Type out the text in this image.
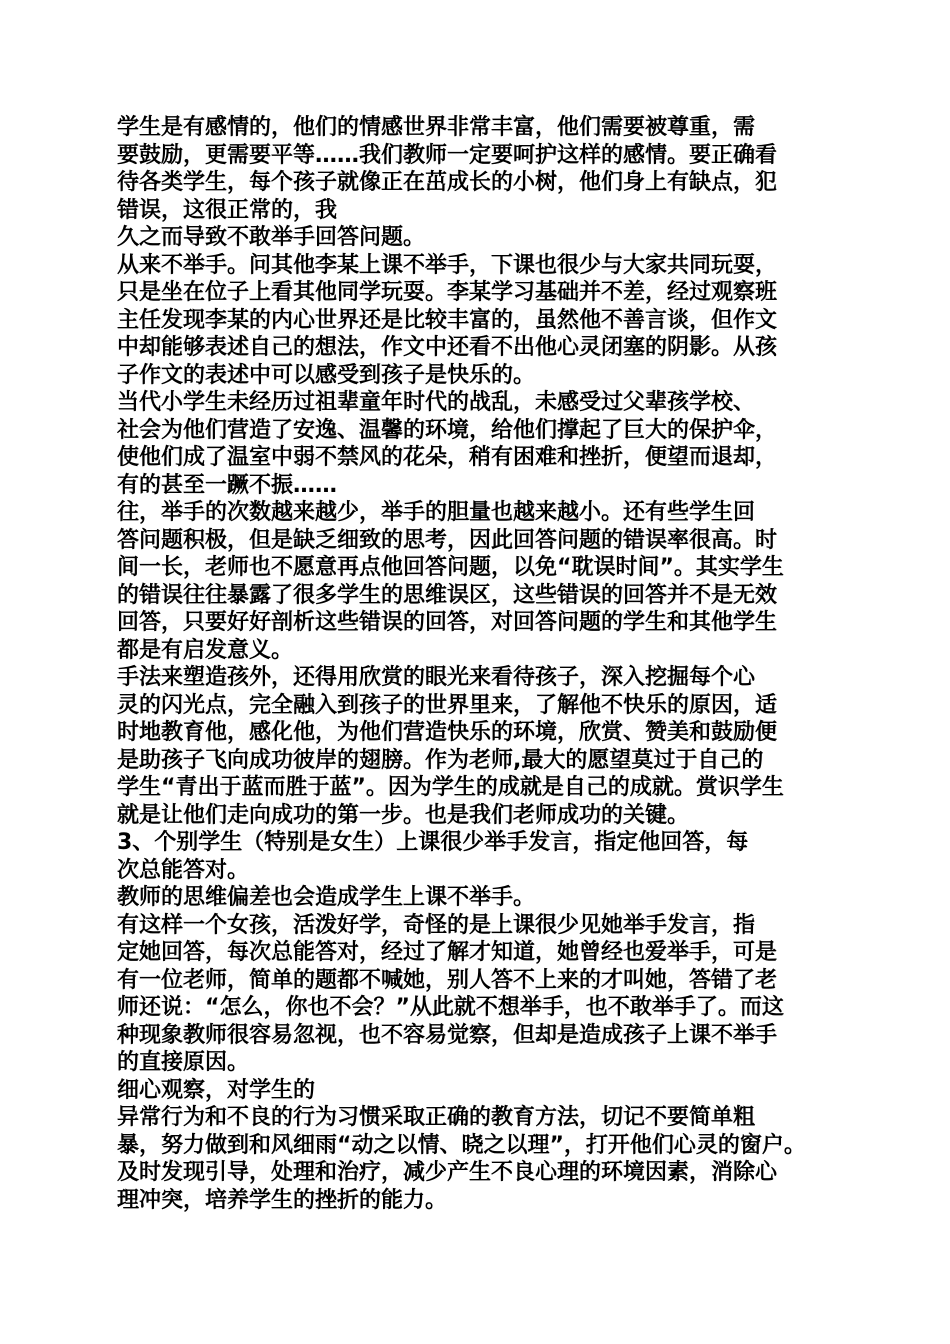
学生是有感情的，他们的情感世界非常丰富，他们需要被尊重，需
要鼓励，更需要平等……我们教师一定要呵护这样的感情。要正确看
待各类学生，每个孩子就像正在茁成长的小树，他们身上有缺点，犯
错误，这很正常的，我
久之而导致不敢举手回答问题。
从来不举手。问其他李某上课不举手，下课也很少与大家共同玩耍，
只是坐在位子上看其他同学玩耍。李某学习基础并不差，经过观察班
主任发现李某的内心世界还是比较丰富的，虽然他不善言谈，但作文
中却能够表述自己的想法，作文中还看不出他心灵闭塞的阴影。从孩
子作文的表述中可以感受到孩子是快乐的。
当代小学生未经历过祖辈童年时代的战乱，未感受过父辈孩学校、
社会为他们营造了安逸、温馨的环境，给他们撑起了巨大的保护伞，
使他们成了温室中弱不禁风的花朵，稍有困难和挫折，便望而退却，
有的甚至一蹶不振……
往，举手的次数越来越少，举手的胆量也越来越小。还有些学生回
答问题积极，但是缺乏细致的思考，因此回答问题的错误率很高。时
间一长，老师也不愿意再点他回答问题，以免“耽误时间”。其实学生
的错误往往暴露了很多学生的思维误区，这些错误的回答并不是无效
回答，只要好好剖析这些错误的回答，对回答问题的学生和其他学生
都是有启发意义。
手法来塑造孩外，还得用欣赏的眼光来看待孩子，深入挖掘每个心
灵的闪光点，完全融入到孩子的世界里来，了解他不快乐的原因，适
时地教育他，感化他，为他们营造快乐的环境，欣赏、赞美和鼓励便
是助孩子飞向成功彼岸的翅膀。作为老师,最大的愿望莫过于自己的
学生“青出于蓝而胜于蓝”。因为学生的成就是自己的成就。赏识学生
就是让他们走向成功的第一步。也是我们老师成功的关键。
3、个别学生（特别是女生）上课很少举手发言，指定他回答，每
次总能答对。
教师的思维偏差也会造成学生上课不举手。
有这样一个女孩，活泼好学，奇怪的是上课很少见她举手发言，指
定她回答，每次总能答对，经过了解才知道，她曾经也爱举手，可是
有一位老师，简单的题都不喊她，别人答不上来的才叫她，答错了老
师还说：“怎么，你也不会？”从此就不想举手，也不敢举手了。而这
种现象教师很容易忽视，也不容易觉察，但却是造成孩子上课不举手
的直接原因。
细心观察，对学生的
异常行为和不良的行为习惯采取正确的教育方法，切记不要简单粗
暴，努力做到和风细雨“动之以情、晓之以理”，打开他们心灵的窗户。
及时发现引导，处理和治疗，减少产生不良心理的环境因素，消除心
理冲突，培养学生的挫折的能力。
